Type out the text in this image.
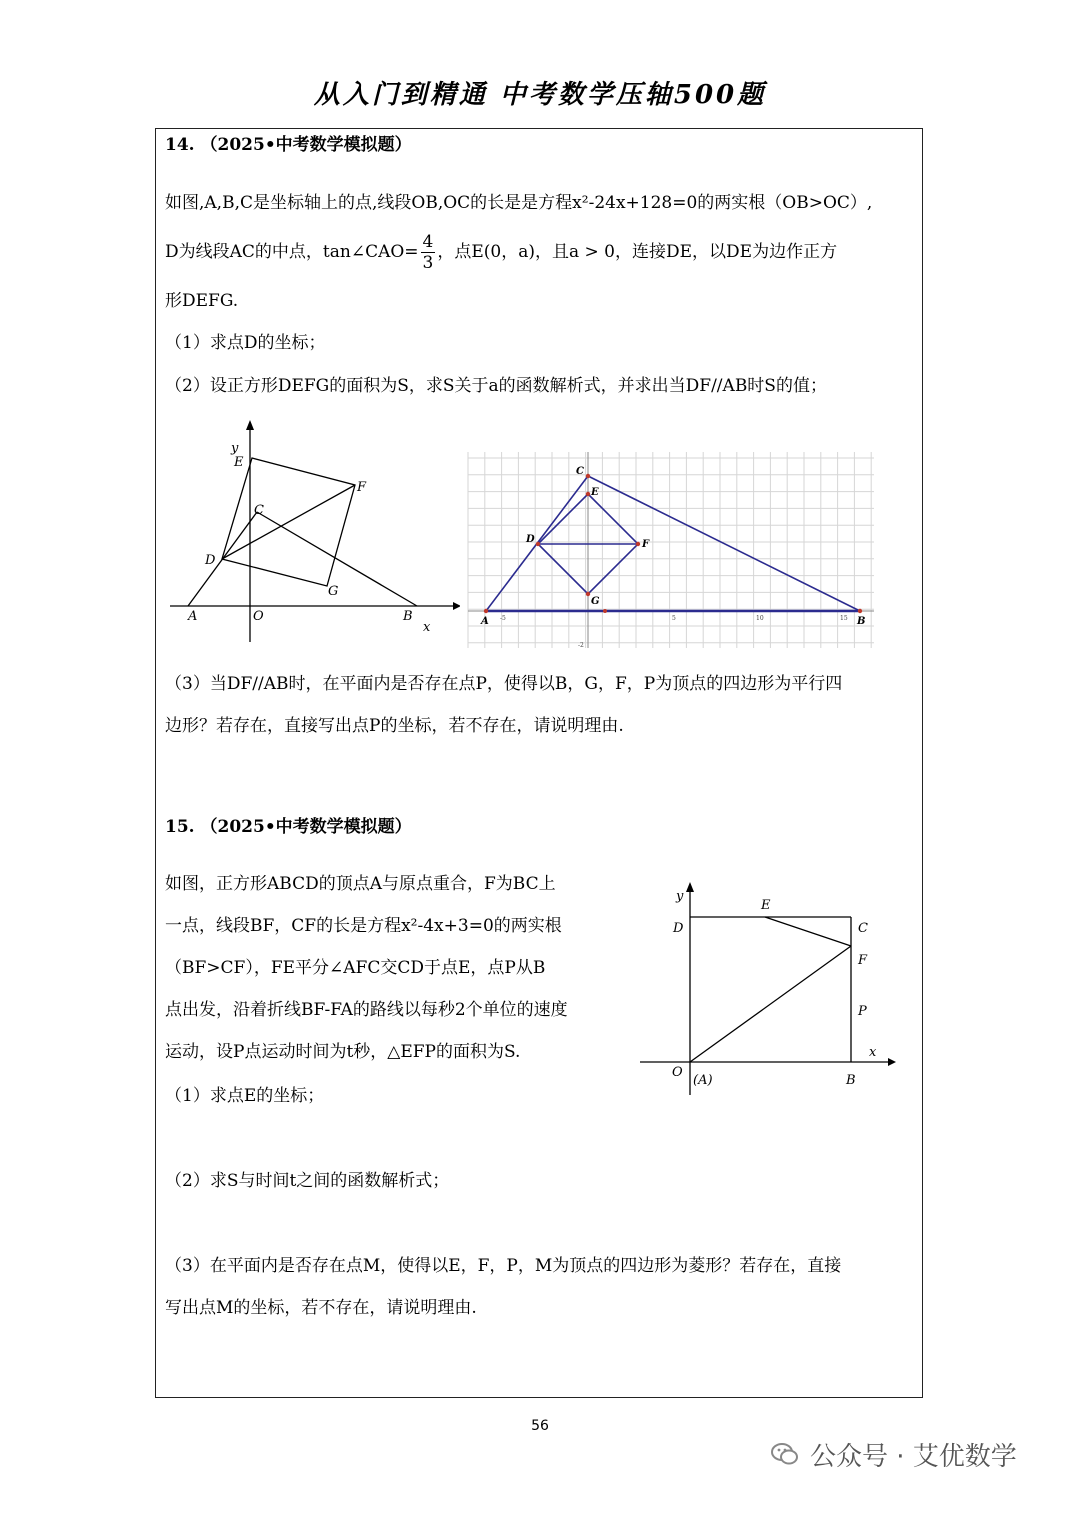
从入门到精通 中考数学压轴500题
14. （2025•中考数学模拟题）
如图,A,B,C是坐标轴上的点,线段OB,OC的长是是方程x²-24x+128=0的两实根（OB>OC）,
D为线段AC的中点，tan∠CAO= $\frac{4}{3}$ ，点E(0，a)，且a > 0，连接DE，以DE为边作正方
形DEFG.
（1）求点D的坐标；
（2）设正方形DEFG的面积为S，求S关于a的函数解析式，并求出当DF//AB时S的值；
y
E
F
C
D
G
A	O	B
x
C
E
D	F
G
A	B
-5	5	10	15
-2
（3）当DF//AB时，在平面内是否存在点P，使得以B，G，F，P为顶点的四边形为平行四
边形？若存在，直接写出点P的坐标，若不存在，请说明理由.
15. （2025•中考数学模拟题）
如图，正方形ABCD的顶点A与原点重合，F为BC上
一点，线段BF，CF的长是方程x²-4x+3=0的两实根
（BF>CF），FE平分∠AFC交CD于点E，点P从B
点出发，沿着折线BF-FA的路线以每秒2个单位的速度
运动，设P点运动时间为t秒，△EFP的面积为S.
（1）求点E的坐标；
（2）求S与时间t之间的函数解析式；
（3）在平面内是否存在点M，使得以E，F，P，M为顶点的四边形为菱形？若存在，直接
写出点M的坐标，若不存在，请说明理由.
y
E
D	C
F
P
x
O
(A)	B
56
公众号 · 艾优数学
